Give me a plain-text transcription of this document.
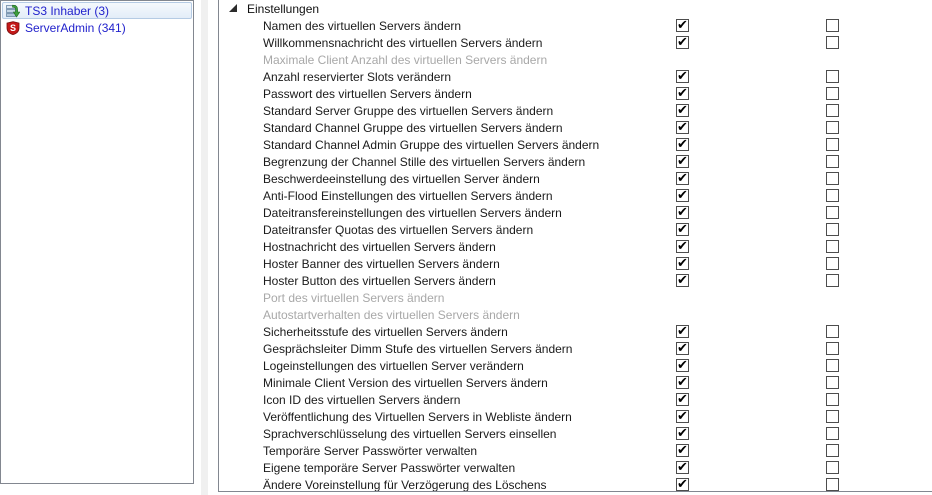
TS3 Inhaber (3)
S ServerAdmin (341)
Einstellungen
Namen des virtuellen Servers ändern
✔
Willkommensnachricht des virtuellen Servers ändern
✔
Maximale Client Anzahl des virtuellen Servers ändern
Anzahl reservierter Slots verändern
✔
Passwort des virtuellen Servers ändern
✔
Standard Server Gruppe des virtuellen Servers ändern
✔
Standard Channel Gruppe des virtuellen Servers ändern
✔
Standard Channel Admin Gruppe des virtuellen Servers ändern
✔
Begrenzung der Channel Stille des virtuellen Servers ändern
✔
Beschwerdeeinstellung des virtuellen Server ändern
✔
Anti-Flood Einstellungen des virtuellen Servers ändern
✔
Dateitransfereinstellungen des virtuellen Servers ändern
✔
Dateitransfer Quotas des virtuellen Servers ändern
✔
Hostnachricht des virtuellen Servers ändern
✔
Hoster Banner des virtuellen Servers ändern
✔
Hoster Button des virtuellen Servers ändern
✔
Port des virtuellen Servers ändern
Autostartverhalten des virtuellen Servers ändern
Sicherheitsstufe des virtuellen Servers ändern
✔
Gesprächsleiter Dimm Stufe des virtuellen Servers ändern
✔
Logeinstellungen des virtuellen Server verändern
✔
Minimale Client Version des virtuellen Servers ändern
✔
Icon ID des virtuellen Servers ändern
✔
Veröffentlichung des Virtuellen Servers in Webliste ändern
✔
Sprachverschlüsselung des virtuellen Servers einsellen
✔
Temporäre Server Passwörter verwalten
✔
Eigene temporäre Server Passwörter verwalten
✔
Ändere Voreinstellung für Verzögerung des Löschens
✔
